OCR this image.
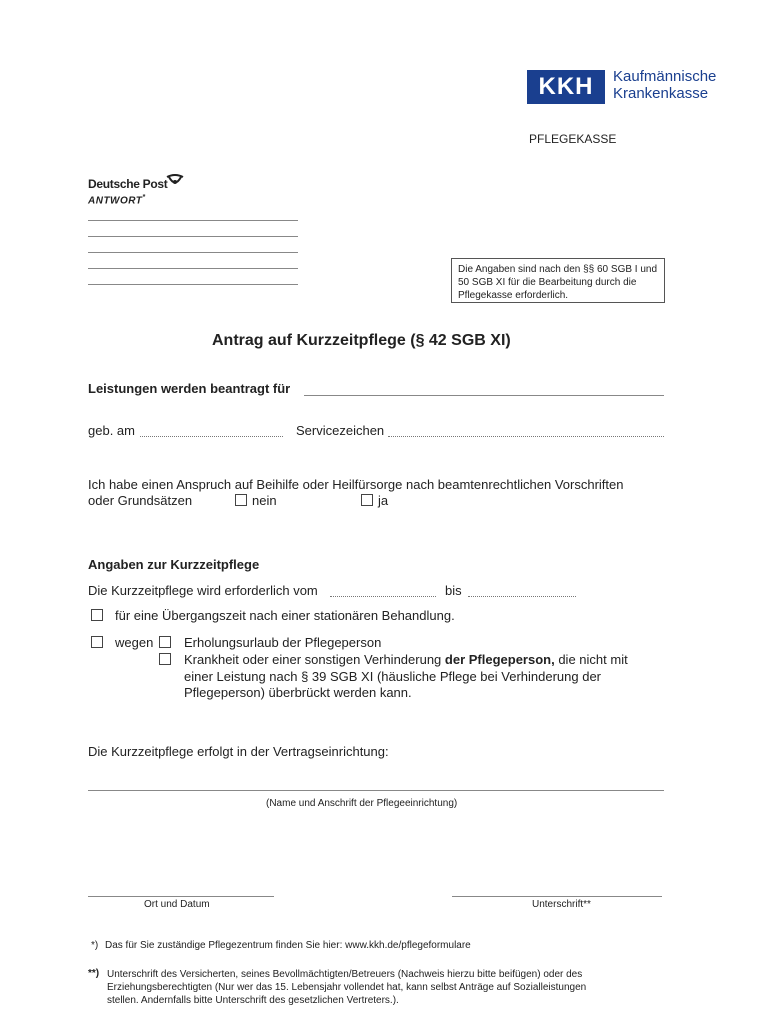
KKH	Kaufmännische
Krankenkasse
PFLEGEKASSE
Deutsche Post
ANTWORT*
Die Angaben sind nach den §§ 60 SGB I und 50 SGB XI für die Bearbeitung durch die Pflegekasse erforderlich.
Antrag auf Kurzzeitpflege (§ 42 SGB XI)
Leistungen werden beantragt für
geb. am	Servicezeichen
Ich habe einen Anspruch auf Beihilfe oder Heilfürsorge nach beamtenrechtlichen Vorschriften
oder Grundsätzen	nein	ja
Angaben zur Kurzzeitpflege
Die Kurzzeitpflege wird erforderlich vom	bis
für eine Übergangszeit nach einer stationären Behandlung.
wegen Erholungsurlaub der Pflegeperson
Krankheit oder einer sonstigen Verhinderung der Pflegeperson, die nicht mit
einer Leistung nach § 39 SGB XI (häusliche Pflege bei Verhinderung der
Pflegeperson) überbrückt werden kann.
Die Kurzzeitpflege erfolgt in der Vertragseinrichtung:
(Name und Anschrift der Pflegeeinrichtung)
Ort und Datum	Unterschrift**
*) Das für Sie zuständige Pflegezentrum finden Sie hier: www.kkh.de/pflegeformulare
**) Unterschrift des Versicherten, seines Bevollmächtigten/Betreuers (Nachweis hierzu bitte beifügen) oder des
Erziehungsberechtigten (Nur wer das 15. Lebensjahr vollendet hat, kann selbst Anträge auf Sozialleistungen
stellen. Andernfalls bitte Unterschrift des gesetzlichen Vertreters.).
